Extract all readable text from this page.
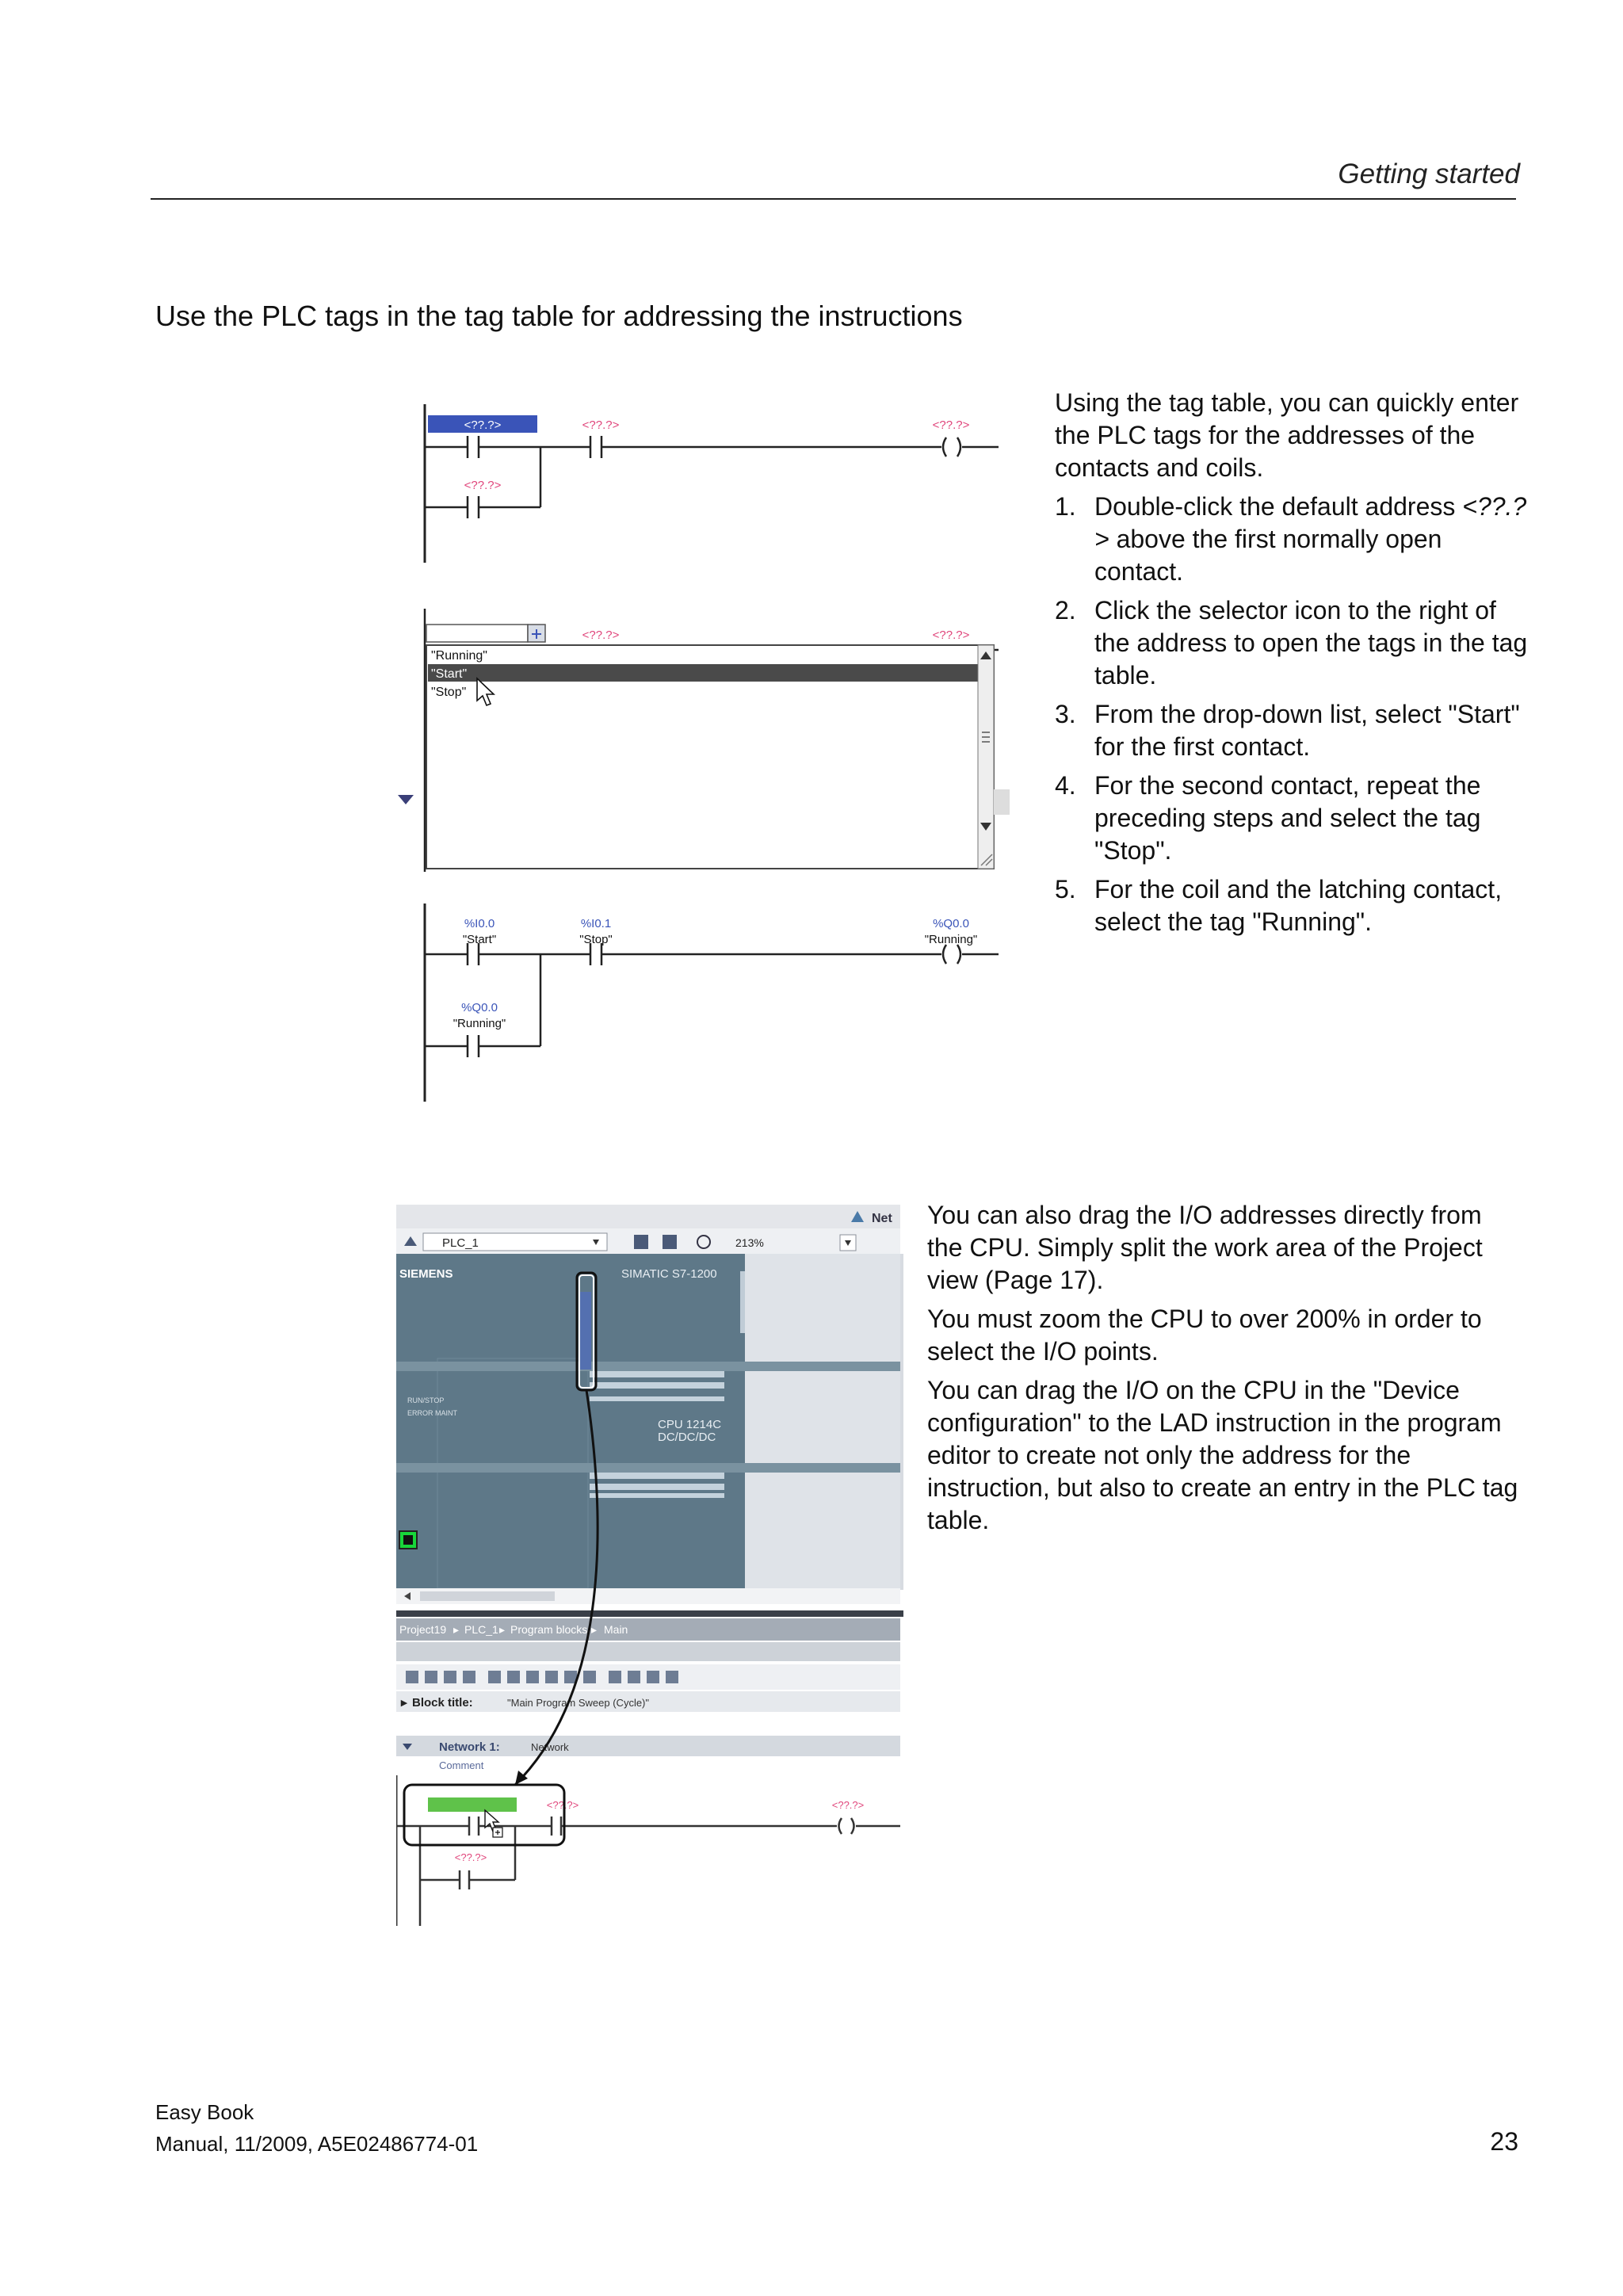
Getting started
Use the PLC tags in the tag table for addressing the instructions
<??.?>	<??.?>	<??.?>
<??.?>
<??.?>	<??.?>
"Running"
"Start"
"Stop"
%I0.0
"Start"
%I0.1
"Stop"
%Q0.0
"Running"
%Q0.0
"Running"

Using the tag table, you can quickly enter the PLC tags for the addresses of the contacts and coils.

1. Double-click the default address <??.?> above the first normally open contact.
2. Click the selector icon to the right of the address to open the tags in the tag table.
3. From the drop-down list, select "Start" for the first contact.
4. For the second contact, repeat the preceding steps and select the tag "Stop".
5. For the coil and the latching contact, select the tag "Running".
Net
PLC_1	213%
SIEMENS	SIMATIC S7-1200
CPU 1214C
DC/DC/DC
RUN/STOP
ERROR MAINT
Project19 ▸ PLC_1 ▸ Program blocks ▸ Main
▸ Block title:	"Main Program Sweep (Cycle)"
Network 1:	Network
Comment
<??.?>	<??.?>
<??.?>

You can also drag the I/O addresses directly from the CPU. Simply split the work area of the Project view (Page 17).

You must zoom the CPU to over 200% in order to select the I/O points.

You can drag the I/O on the CPU in the "Device configuration" to the LAD instruction in the program editor to create not only the address for the instruction, but also to create an entry in the PLC tag table.

Easy Book
Manual, 11/2009, A5E02486774-01	23
